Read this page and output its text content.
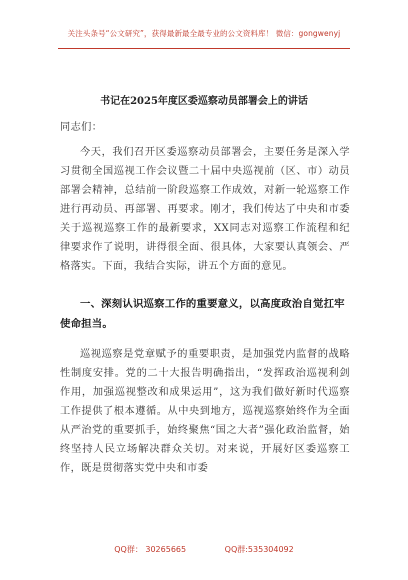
关注头条号“公文研究”，获得最新最全最专业的公文资料库！ 微信：gongwenyj
书记在2025年度区委巡察动员部署会上的讲话
同志们：
今天，我们召开区委巡察动员部署会，主要任务是深入学习贯彻全国巡视工作会议暨二十届中央巡视前（区、市）动员部署会精神，总结前一阶段巡察工作成效，对新一轮巡察工作进行再动员、再部署、再要求。刚才，我们传达了中央和市委关于巡视巡察工作的最新要求，XX同志对巡察工作流程和纪律要求作了说明，讲得很全面、很具体，大家要认真领会、严格落实。下面，我结合实际，讲五个方面的意见。
一、深刻认识巡察工作的重要意义，以高度政治自觉扛牢使命担当。
巡视巡察是党章赋予的重要职责，是加强党内监督的战略性制度安排。党的二十大报告明确指出，“发挥政治巡视利剑作用，加强巡视整改和成果运用”，这为我们做好新时代巡察工作提供了根本遵循。从中央到地方，巡视巡察始终作为全面从严治党的重要抓手，始终聚焦“国之大者”强化政治监督，始终坚持人民立场解决群众关切。对来说，开展好区委巡察工作，既是贯彻落实党中央和市委
QQ群： 30265665	QQ群:535304092
